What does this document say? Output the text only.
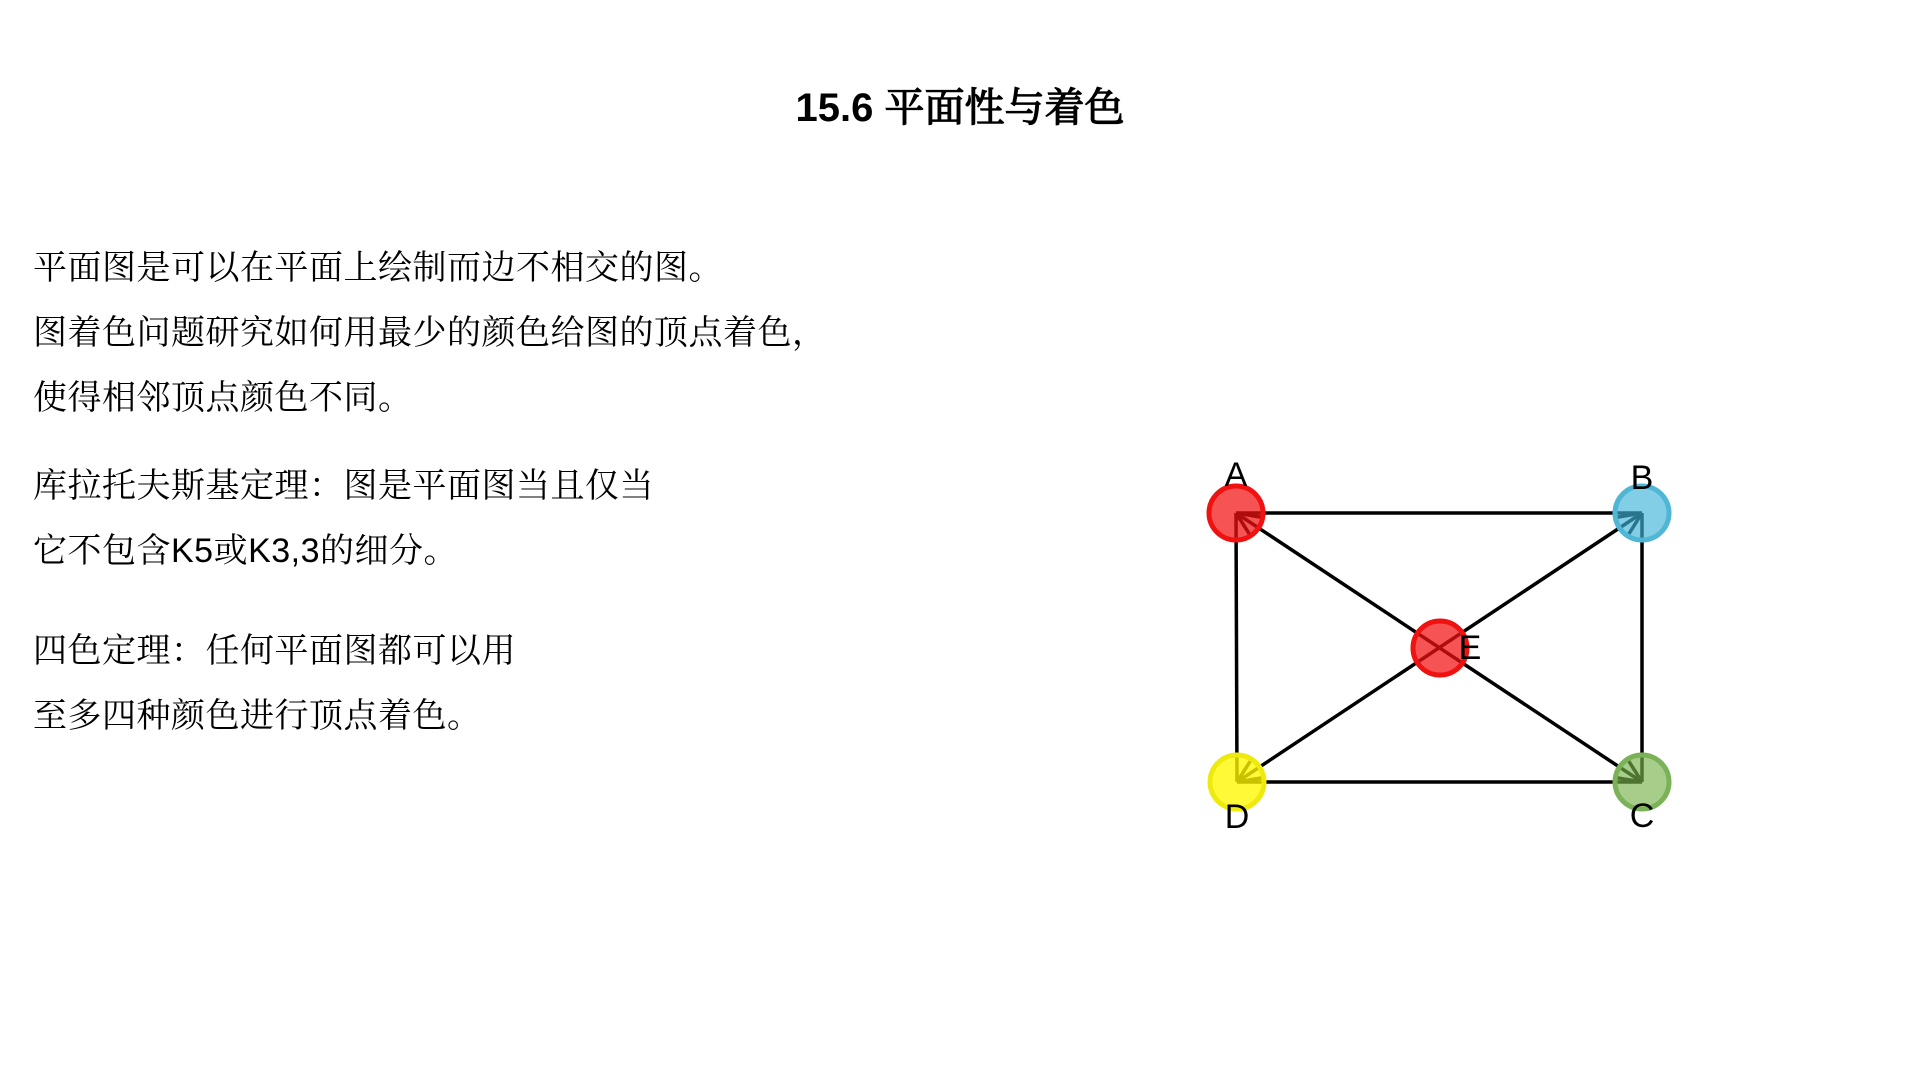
15.6 平面性与着色
平面图是可以在平面上绘制而边不相交的图。
图着色问题研究如何用最少的颜色给图的顶点着色，
使得相邻顶点颜色不同。
库拉托夫斯基定理：图是平面图当且仅当
它不包含K5或K3,3的细分。
四色定理：任何平面图都可以用
至多四种颜色进行顶点着色。
A	B
C
D
E
